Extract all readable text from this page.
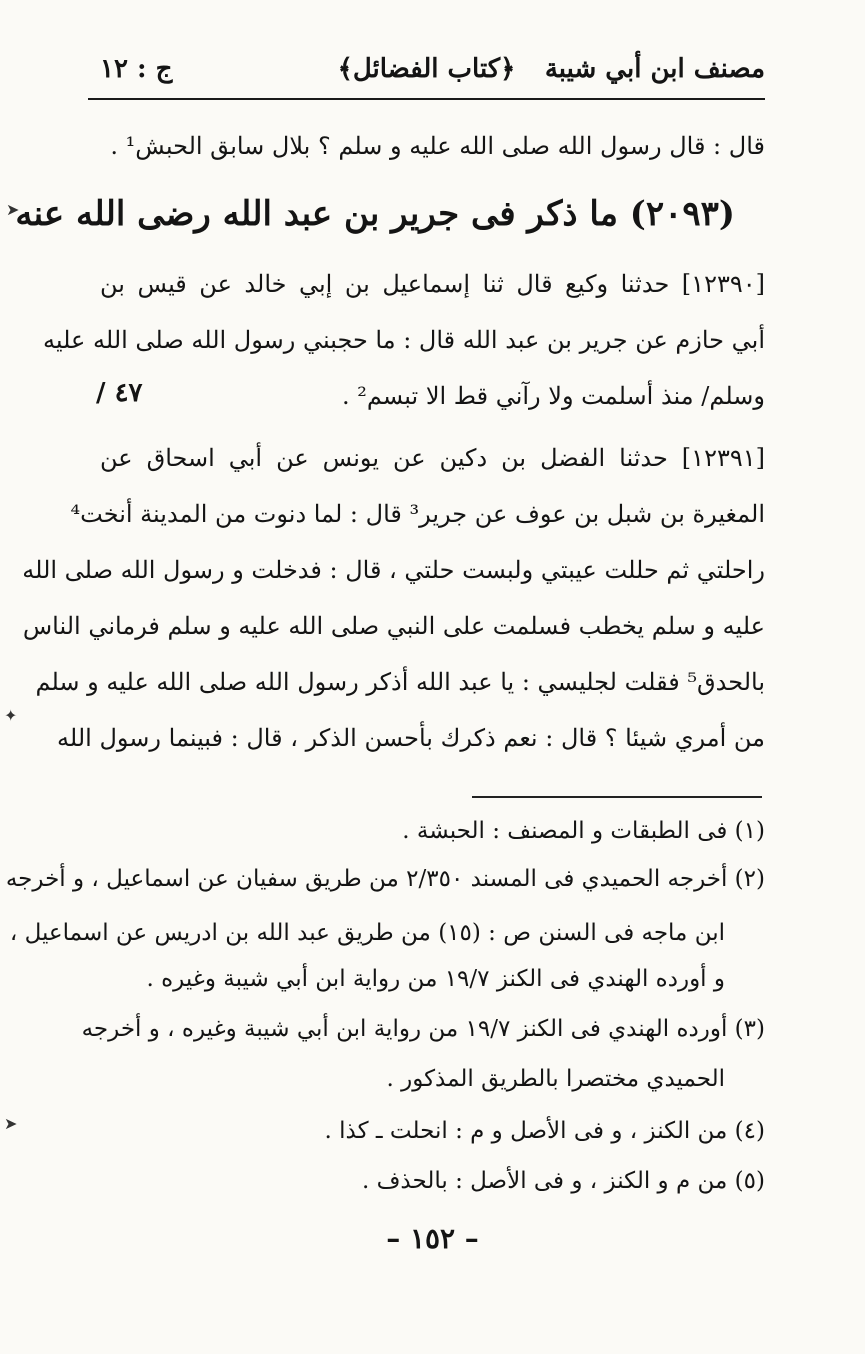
مصنف ابن أبي شيبة
﴿كتاب الفضائل﴾
ج : ١٢
قال : قال رسول الله صلى الله عليه و سلم ؟ بلال سابق الحبش¹ .
(٢٠٩٣) ما ذكر فى جرير بن عبد الله رضى الله عنه
[١٢٣٩٠] حدثنا وكيع قال ثنا إسماعيل بن إبي خالد عن قيس بن
أبي حازم عن جرير بن عبد الله قال : ما حجبني رسول الله صلى الله عليه
وسلم/ منذ أسلمت ولا رآني قط الا تبسم² .
٤٧ /
[١٢٣٩١] حدثنا الفضل بن دكين عن يونس عن أبي اسحاق عن
المغيرة بن شبل بن عوف عن جرير³ قال : لما دنوت من المدينة أنخت⁴
راحلتي ثم حللت عيبتي ولبست حلتي ، قال : فدخلت و رسول الله صلى الله
عليه و سلم يخطب فسلمت على النبي صلى الله عليه و سلم فرماني الناس
بالحدق⁵ فقلت لجليسي : يا عبد الله أذكر رسول الله صلى الله عليه و سلم
من أمري شيئا ؟ قال : نعم ذكرك بأحسن الذكر ، قال : فبينما رسول الله
(١) فى الطبقات و المصنف : الحبشة .
(٢) أخرجه الحميدي فى المسند ٢/٣٥٠ من طريق سفيان عن اسماعيل ، و أخرجه
ابن ماجه فى السنن ص : (١٥) من طريق عبد الله بن ادريس عن اسماعيل ،
و أورده الهندي فى الكنز ١٩/٧ من رواية ابن أبي شيبة وغيره .
(٣) أورده الهندي فى الكنز ١٩/٧ من رواية ابن أبي شيبة وغيره ، و أخرجه
الحميدي مختصرا بالطريق المذكور .
(٤) من الكنز ، و فى الأصل و م : انحلت ـ كذا .
(٥) من م و الكنز ، و فى الأصل : بالحذف .
– ١٥٢ –
➤
✦
➤
